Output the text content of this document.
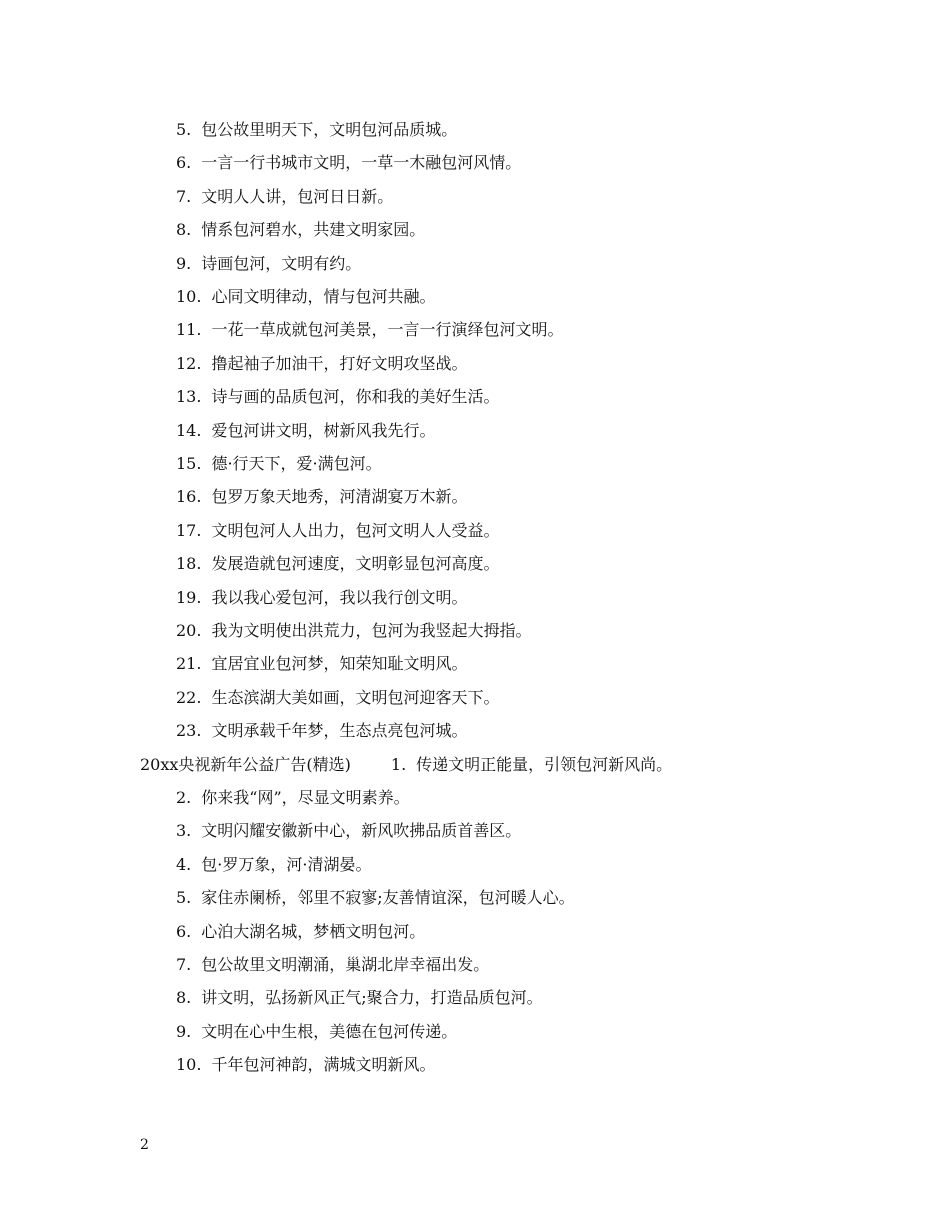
5. 包公故里明天下，文明包河品质城。
6. 一言一行书城市文明，一草一木融包河风情。
7. 文明人人讲，包河日日新。
8. 情系包河碧水，共建文明家园。
9. 诗画包河，文明有约。
10. 心同文明律动，情与包河共融。
11. 一花一草成就包河美景，一言一行演绎包河文明。
12. 撸起袖子加油干，打好文明攻坚战。
13. 诗与画的品质包河，你和我的美好生活。
14. 爱包河讲文明，树新风我先行。
15. 德·行天下，爱·满包河。
16. 包罗万象天地秀，河清湖宴万木新。
17. 文明包河人人出力，包河文明人人受益。
18. 发展造就包河速度，文明彰显包河高度。
19. 我以我心爱包河，我以我行创文明。
20. 我为文明使出洪荒力，包河为我竖起大拇指。
21. 宜居宜业包河梦，知荣知耻文明风。
22. 生态滨湖大美如画，文明包河迎客天下。
23. 文明承载千年梦，生态点亮包河城。
2. 你来我“网”，尽显文明素养。
3. 文明闪耀安徽新中心，新风吹拂品质首善区。
4. 包·罗万象，河·清湖晏。
5. 家住赤阑桥，邻里不寂寥;友善情谊深，包河暖人心。
6. 心泊大湖名城，梦栖文明包河。
7. 包公故里文明潮涌，巢湖北岸幸福出发。
8. 讲文明，弘扬新风正气;聚合力，打造品质包河。
9. 文明在心中生根，美德在包河传递。
10. 千年包河神韵，满城文明新风。
20xx央视新年公益广告(精选)	1. 传递文明正能量，引领包河新风尚。
2
